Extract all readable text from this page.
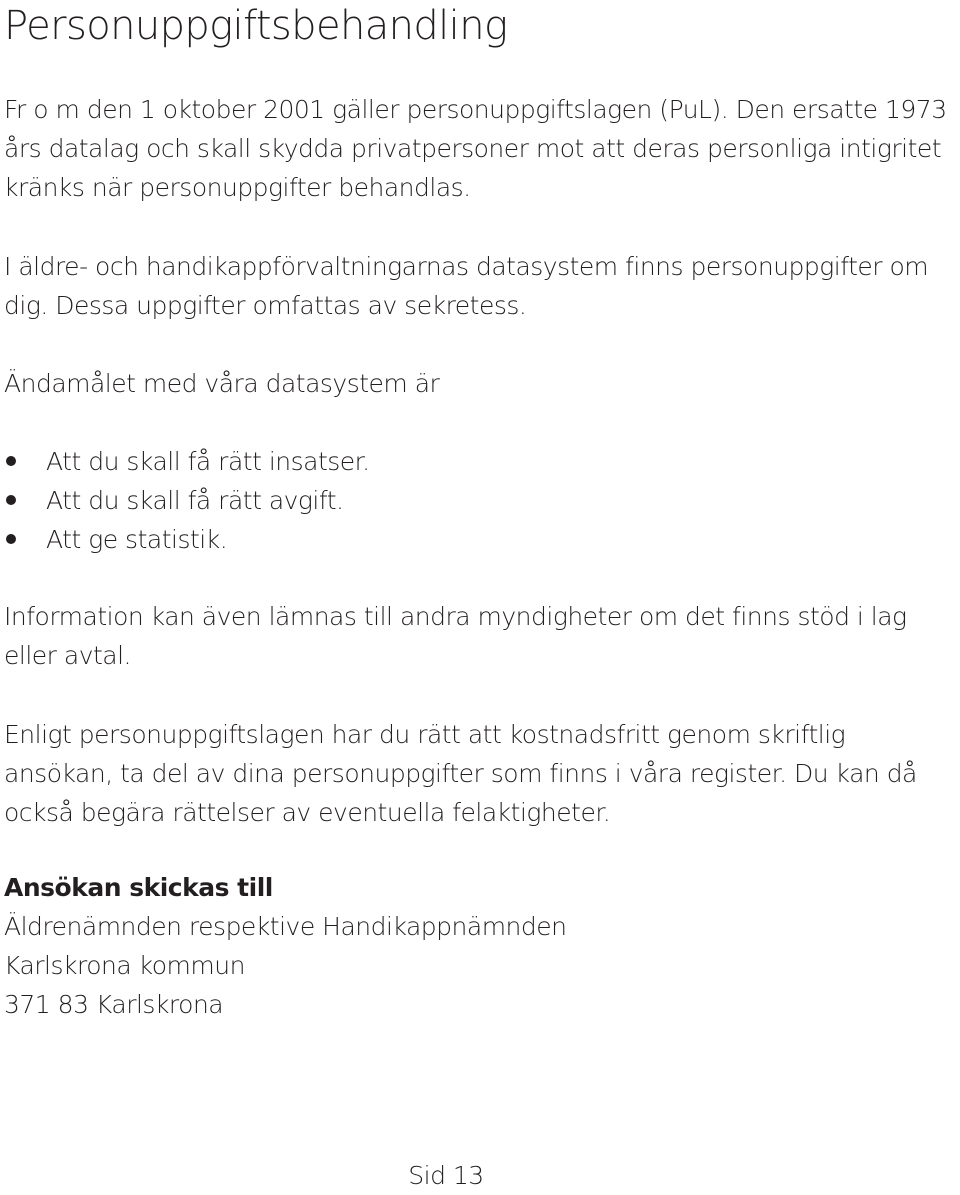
Personuppgiftsbehandling

Fr o m den 1 oktober 2001 gäller personuppgiftslagen (PuL). Den ersatte 1973 års datalag och skall skydda privatpersoner mot att deras personliga intigritet kränks när personuppgifter behandlas.

I äldre- och handikappförvaltningarnas datasystem finns personuppgifter om dig. Dessa uppgifter omfattas av sekretess.

Ändamålet med våra datasystem är

Att du skall få rätt insatser.
Att du skall få rätt avgift.
Att ge statistik.

Information kan även lämnas till andra myndigheter om det finns stöd i lag eller avtal.

Enligt personuppgiftslagen har du rätt att kostnadsfritt genom skriftlig ansökan, ta del av dina personuppgifter som finns i våra register. Du kan då också begära rättelser av eventuella felaktigheter.

Ansökan skickas till
Äldrenämnden respektive Handikappnämnden
Karlskrona kommun
371 83 Karlskrona
Sid 13
